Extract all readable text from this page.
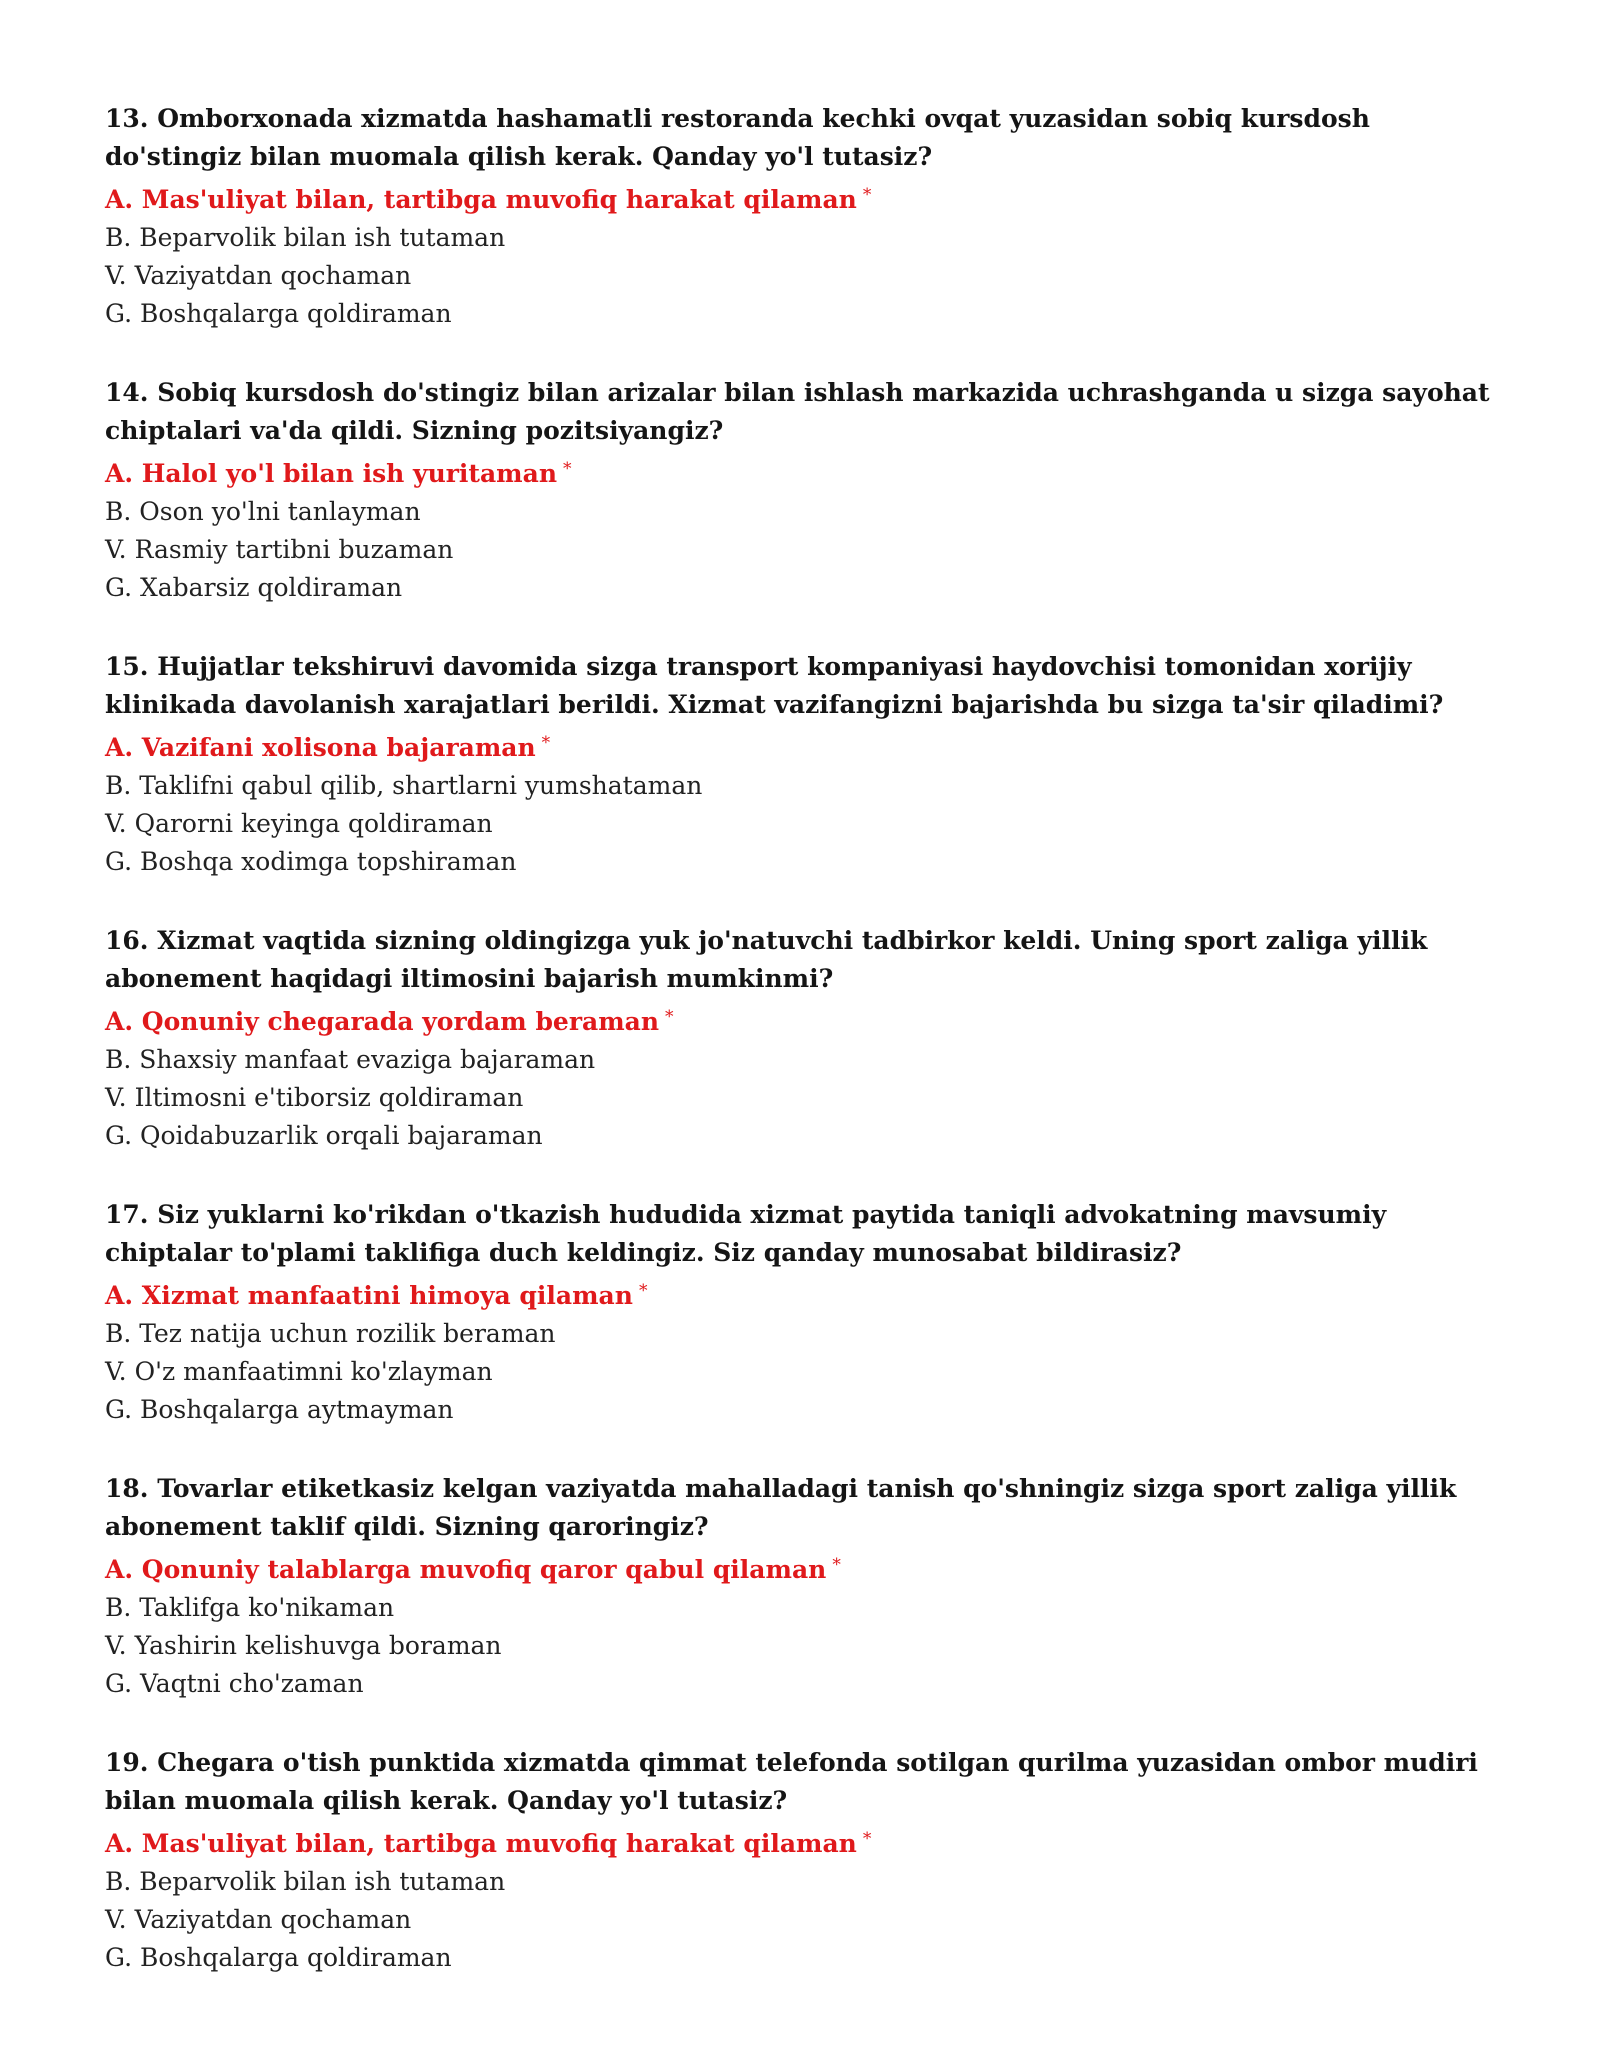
13. Omborxonada xizmatda hashamatli restoranda kechki ovqat yuzasidan sobiq kursdosh do'stingiz bilan muomala qilish kerak. Qanday yo'l tutasiz?

A. Mas'uliyat bilan, tartibga muvofiq harakat qilaman *
B. Beparvolik bilan ish tutaman
V. Vaziyatdan qochaman
G. Boshqalarga qoldiraman

14. Sobiq kursdosh do'stingiz bilan arizalar bilan ishlash markazida uchrashganda u sizga sayohat chiptalari va'da qildi. Sizning pozitsiyangiz?

A. Halol yo'l bilan ish yuritaman *
B. Oson yo'lni tanlayman
V. Rasmiy tartibni buzaman
G. Xabarsiz qoldiraman

15. Hujjatlar tekshiruvi davomida sizga transport kompaniyasi haydovchisi tomonidan xorijiy klinikada davolanish xarajatlari berildi. Xizmat vazifangizni bajarishda bu sizga ta'sir qiladimi?

A. Vazifani xolisona bajaraman *
B. Taklifni qabul qilib, shartlarni yumshataman
V. Qarorni keyinga qoldiraman
G. Boshqa xodimga topshiraman

16. Xizmat vaqtida sizning oldingizga yuk jo'natuvchi tadbirkor keldi. Uning sport zaliga yillik abonement haqidagi iltimosini bajarish mumkinmi?

A. Qonuniy chegarada yordam beraman *
B. Shaxsiy manfaat evaziga bajaraman
V. Iltimosni e'tiborsiz qoldiraman
G. Qoidabuzarlik orqali bajaraman

17. Siz yuklarni ko'rikdan o'tkazish hududida xizmat paytida taniqli advokatning mavsumiy chiptalar to'plami taklifiga duch keldingiz. Siz qanday munosabat bildirasiz?

A. Xizmat manfaatini himoya qilaman *
B. Tez natija uchun rozilik beraman
V. O'z manfaatimni ko'zlayman
G. Boshqalarga aytmayman

18. Tovarlar etiketkasiz kelgan vaziyatda mahalladagi tanish qo'shningiz sizga sport zaliga yillik abonement taklif qildi. Sizning qaroringiz?

A. Qonuniy talablarga muvofiq qaror qabul qilaman *
B. Taklifga ko'nikaman
V. Yashirin kelishuvga boraman
G. Vaqtni cho'zaman

19. Chegara o'tish punktida xizmatda qimmat telefonda sotilgan qurilma yuzasidan ombor mudiri bilan muomala qilish kerak. Qanday yo'l tutasiz?

A. Mas'uliyat bilan, tartibga muvofiq harakat qilaman *
B. Beparvolik bilan ish tutaman
V. Vaziyatdan qochaman
G. Boshqalarga qoldiraman
